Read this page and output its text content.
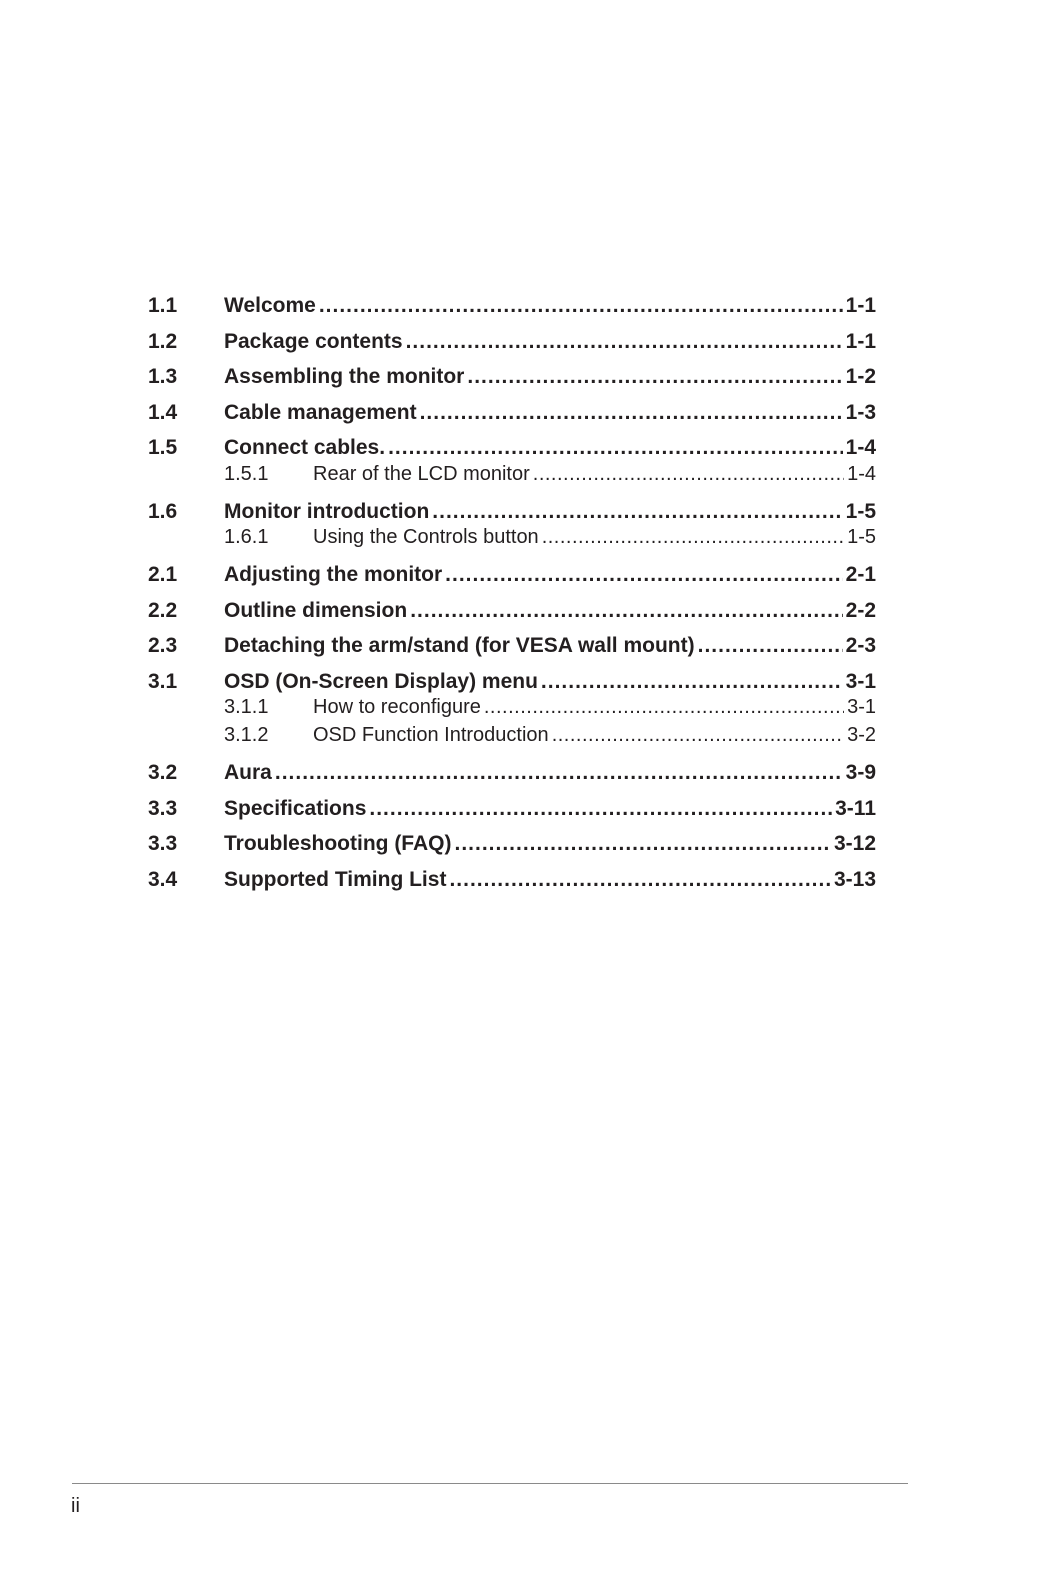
1.1	Welcome .....	1-1
1.2	Package contents .....	1-1
1.3	Assembling the monitor .....	1-2
1.4	Cable management .....	1-3
1.5	Connect cables. .....	1-4
1.5.1	Rear of the LCD monitor .....	1-4
1.6	Monitor introduction .....	1-5
1.6.1	Using the Controls button .....	1-5
2.1	Adjusting the monitor .....	2-1
2.2	Outline dimension .....	2-2
2.3	Detaching the arm/stand (for VESA wall mount) .....	2-3
3.1	OSD (On-Screen Display) menu .....	3-1
3.1.1	How to reconfigure .....	3-1
3.1.2	OSD Function Introduction .....	3-2
3.2	Aura .....	3-9
3.3	Specifications .....	3-11
3.3	Troubleshooting (FAQ) .....	3-12
3.4	Supported Timing List .....	3-13
ii
